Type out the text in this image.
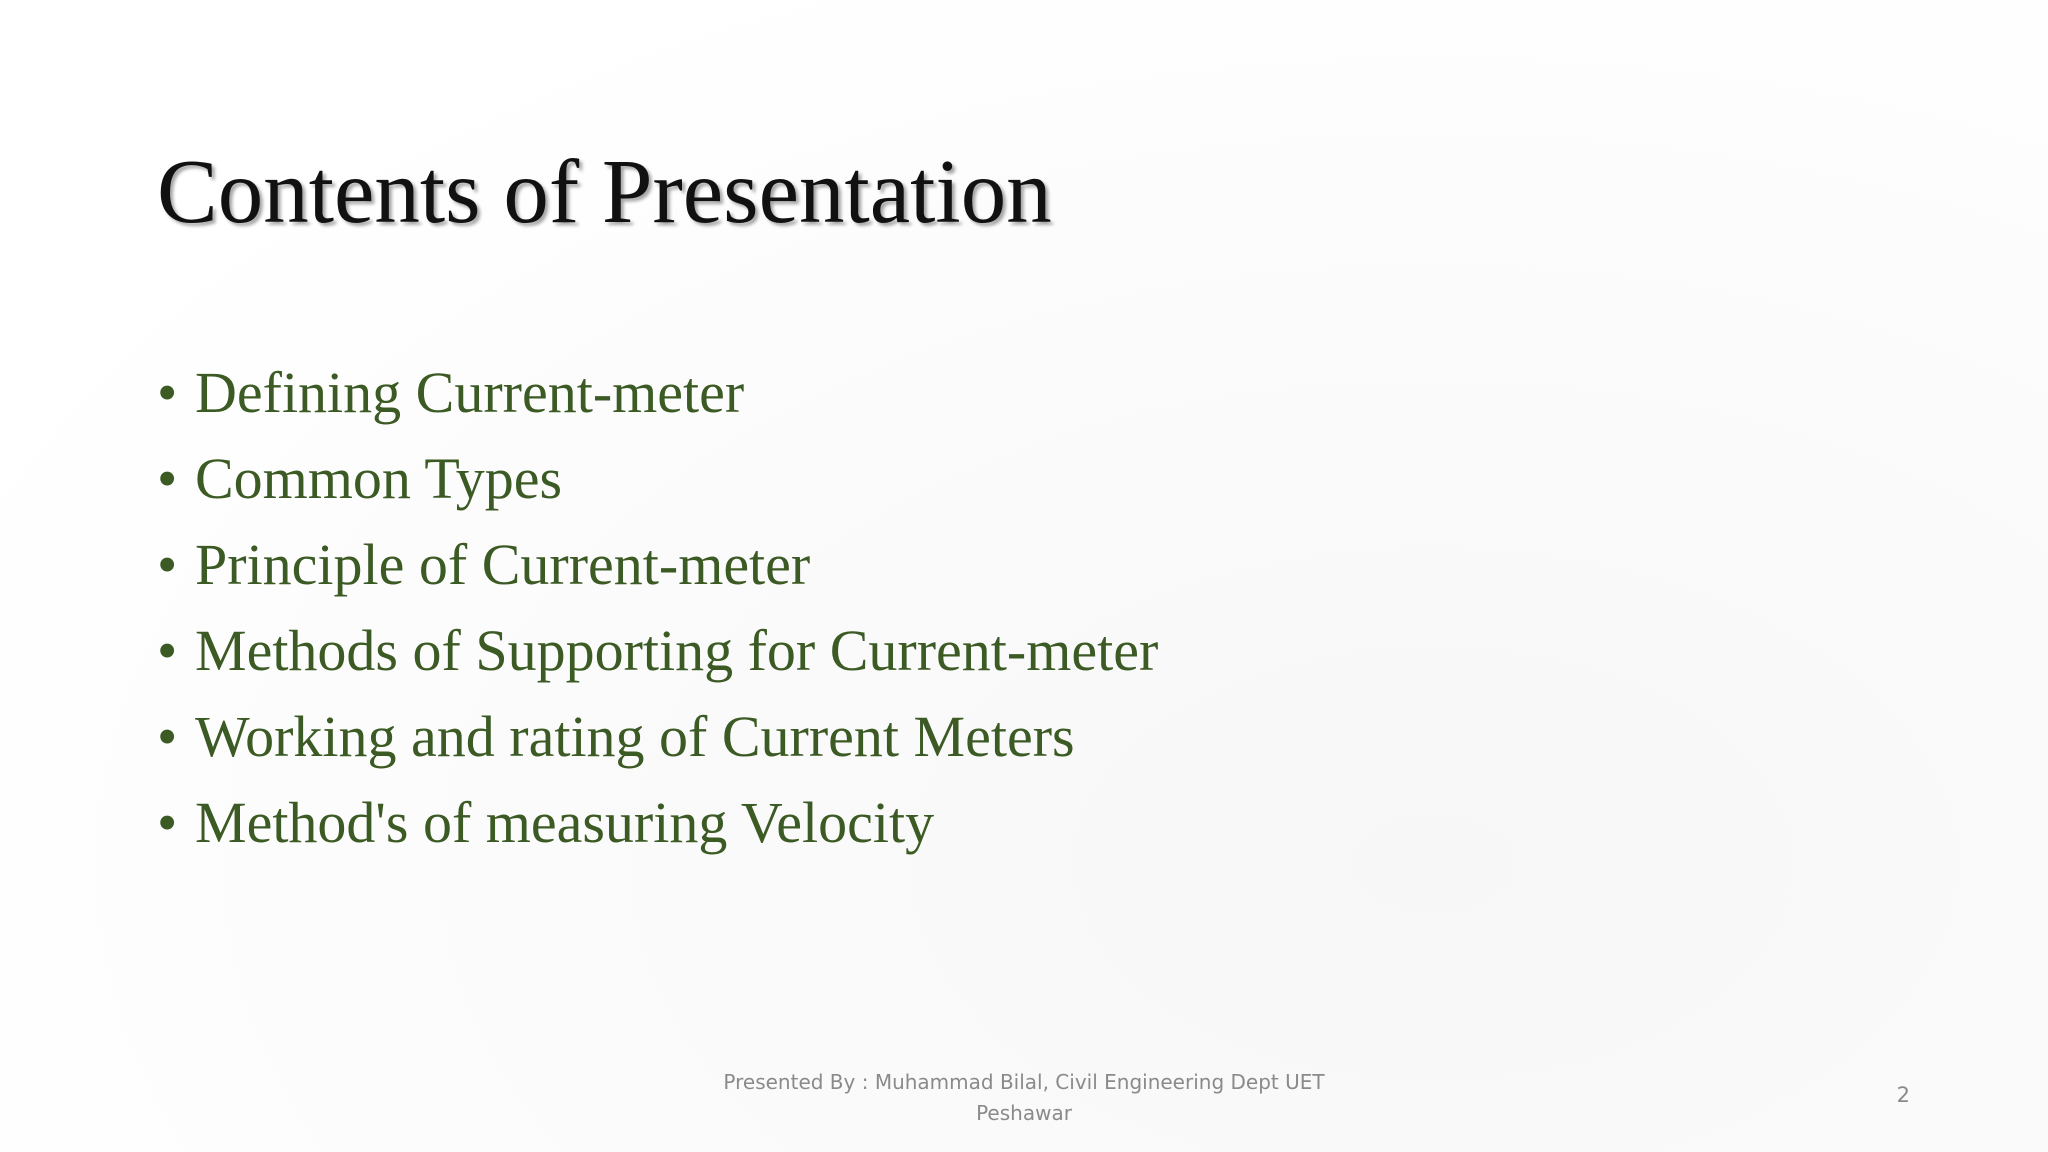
Contents of Presentation
• Defining Current-meter
• Common Types
• Principle of Current-meter
• Methods of Supporting for Current-meter
• Working and rating of Current Meters
• Method's of measuring Velocity
Presented By : Muhammad Bilal, Civil Engineering Dept UET
Peshawar
2
